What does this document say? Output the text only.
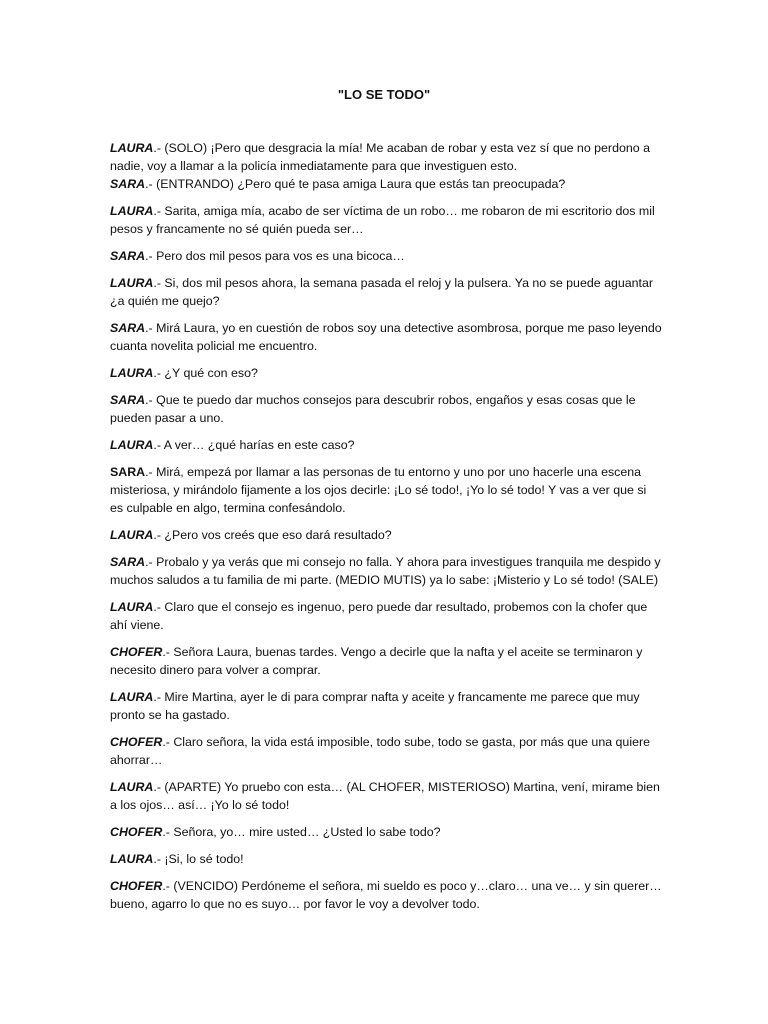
"LO SE TODO"

LAURA.- (SOLO) ¡Pero que desgracia la mía! Me acaban de robar y esta vez sí que no perdono a nadie, voy a llamar a la policía inmediatamente para que investiguen esto.

SARA.- (ENTRANDO) ¿Pero qué te pasa amiga Laura que estás tan preocupada?

LAURA.- Sarita, amiga mía, acabo de ser víctima de un robo… me robaron de mi escritorio dos mil pesos y francamente no sé quién pueda ser…

SARA.- Pero dos mil pesos para vos es una bicoca…

LAURA.- Si, dos mil pesos ahora, la semana pasada el reloj y la pulsera. Ya no se puede aguantar ¿a quién me quejo?

SARA.- Mirá Laura, yo en cuestión de robos soy una detective asombrosa, porque me paso leyendo cuanta novelita policial me encuentro.

LAURA.- ¿Y qué con eso?

SARA.- Que te puedo dar muchos consejos para descubrir robos, engaños y esas cosas que le pueden pasar a uno.

LAURA.- A ver… ¿qué harías en este caso?

SARA.- Mirá, empezá por llamar a las personas de tu entorno y uno por uno hacerle una escena misteriosa, y mirándolo fijamente a los ojos decirle: ¡Lo sé todo!, ¡Yo lo sé todo! Y vas a ver que si es culpable en algo, termina confesándolo.

LAURA.- ¿Pero vos creés que eso dará resultado?

SARA.- Probalo y ya verás que mi consejo no falla. Y ahora para investigues tranquila me despido y muchos saludos a tu familia de mi parte. (MEDIO MUTIS) ya lo sabe: ¡Misterio y Lo sé todo! (SALE)

LAURA.- Claro que el consejo es ingenuo, pero puede dar resultado, probemos con la chofer que ahí viene.

CHOFER.- Señora Laura, buenas tardes. Vengo a decirle que la nafta y el aceite se terminaron y necesito dinero para volver a comprar.

LAURA.- Mire Martina, ayer le di para comprar nafta y aceite y francamente me parece que muy pronto se ha gastado.

CHOFER.- Claro señora, la vida está imposible, todo sube, todo se gasta, por más que una quiere ahorrar…

LAURA.- (APARTE) Yo pruebo con esta… (AL CHOFER, MISTERIOSO) Martina, vení, mirame bien a los ojos… así… ¡Yo lo sé todo!

CHOFER.- Señora, yo… mire usted… ¿Usted lo sabe todo?

LAURA.- ¡Si, lo sé todo!

CHOFER.- (VENCIDO) Perdóneme el señora, mi sueldo es poco y…claro… una ve… y sin querer… bueno, agarro lo que no es suyo… por favor le voy a devolver todo.
